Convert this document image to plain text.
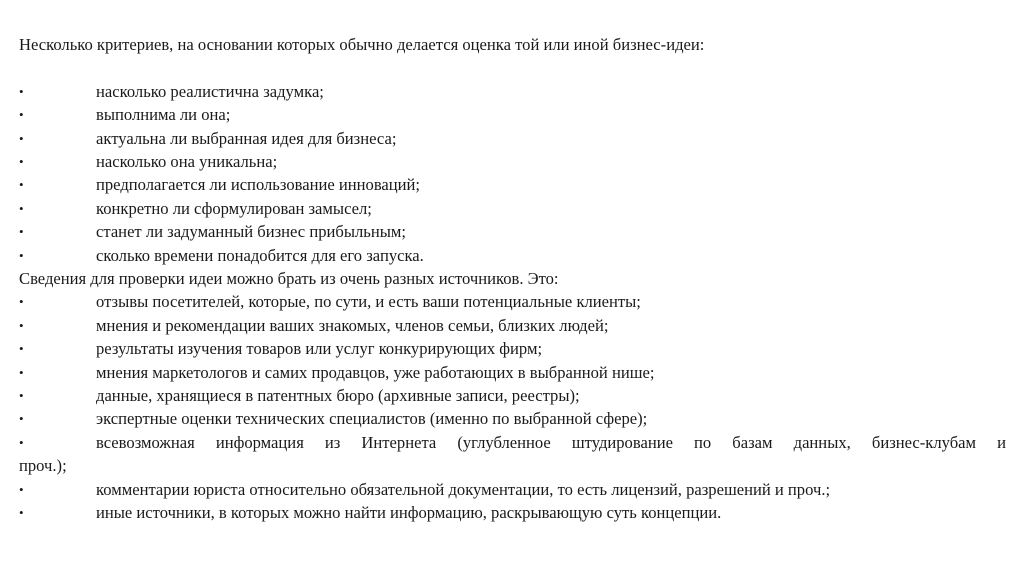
Несколько критериев, на основании которых обычно делается оценка той или иной бизнес-идеи:
•	насколько реалистична задумка;
•	выполнима ли она;
•	актуальна ли выбранная идея для бизнеса;
•	насколько она уникальна;
•	предполагается ли использование инноваций;
•	конкретно ли сформулирован замысел;
•	станет ли задуманный бизнес прибыльным;
•	сколько времени понадобится для его запуска.
Сведения для проверки идеи можно брать из очень разных источников. Это:
•	отзывы посетителей, которые, по сути, и есть ваши потенциальные клиенты;
•	мнения и рекомендации ваших знакомых, членов семьи, близких людей;
•	результаты изучения товаров или услуг конкурирующих фирм;
•	мнения маркетологов и самих продавцов, уже работающих в выбранной нише;
•	данные, хранящиеся в патентных бюро (архивные записи, реестры);
•	экспертные оценки технических специалистов (именно по выбранной сфере);
•	всевозможная информация из Интернета (углубленное штудирование по базам данных, бизнес-клубам и
проч.);
•	комментарии юриста относительно обязательной документации, то есть лицензий, разрешений и проч.;
•	иные источники, в которых можно найти информацию, раскрывающую суть концепции.
